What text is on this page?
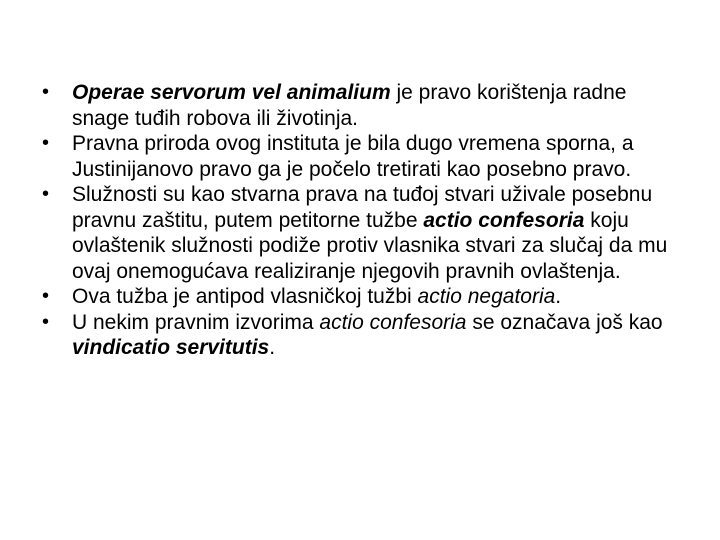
•	Operae servorum vel animalium je pravo korištenja radne snage tuđih robova ili životinja.
•	Pravna priroda ovog instituta je bila dugo vremena sporna, a Justinijanovo pravo ga je počelo tretirati kao posebno pravo.
•	Služnosti su kao stvarna prava na tuđoj stvari uživale posebnu pravnu zaštitu, putem petitorne tužbe actio confesoria koju ovlaštenik služnosti podiže protiv vlasnika stvari za slučaj da mu ovaj onemogućava realiziranje njegovih pravnih ovlaštenja.
•	Ova tužba je antipod vlasničkoj tužbi actio negatoria.
•	U nekim pravnim izvorima actio confesoria se označava još kao vindicatio servitutis.
